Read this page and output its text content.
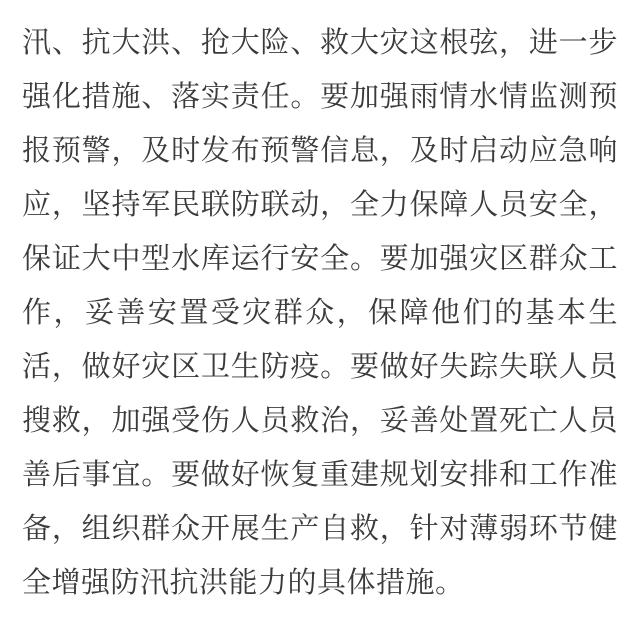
汛、抗大洪、抢大险、救大灾这根弦，进一步强化措施、落实责任。要加强雨情水情监测预报预警，及时发布预警信息，及时启动应急响应，坚持军民联防联动，全力保障人员安全，保证大中型水库运行安全。要加强灾区群众工作，妥善安置受灾群众，保障他们的基本生活，做好灾区卫生防疫。要做好失踪失联人员搜救，加强受伤人员救治，妥善处置死亡人员善后事宜。要做好恢复重建规划安排和工作准备，组织群众开展生产自救，针对薄弱环节健全增强防汛抗洪能力的具体措施。
